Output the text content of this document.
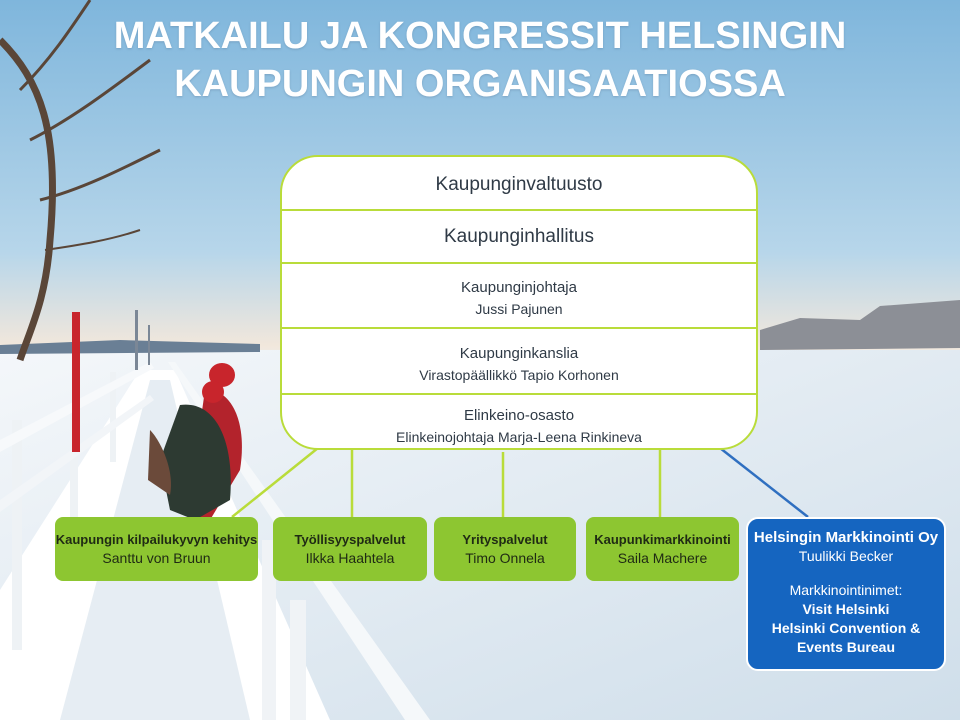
MATKAILU JA KONGRESSIT HELSINGIN
KAUPUNGIN ORGANISAATIOSSA
Kaupunginvaltuusto
Kaupunginhallitus
Kaupunginjohtaja
Jussi Pajunen
Kaupunginkanslia
Virastopäällikkö Tapio Korhonen
Elinkeino-osasto
Elinkeinojohtaja Marja-Leena Rinkineva
Kaupungin kilpailukyvyn kehitys
Santtu von Bruun
Työllisyyspalvelut
Ilkka Haahtela
Yrityspalvelut
Timo Onnela
Kaupunkimarkkinointi
Saila Machere
Helsingin Markkinointi Oy
Tuulikki Becker
Markkinointinimet:
Visit Helsinki
Helsinki Convention &
Events Bureau
